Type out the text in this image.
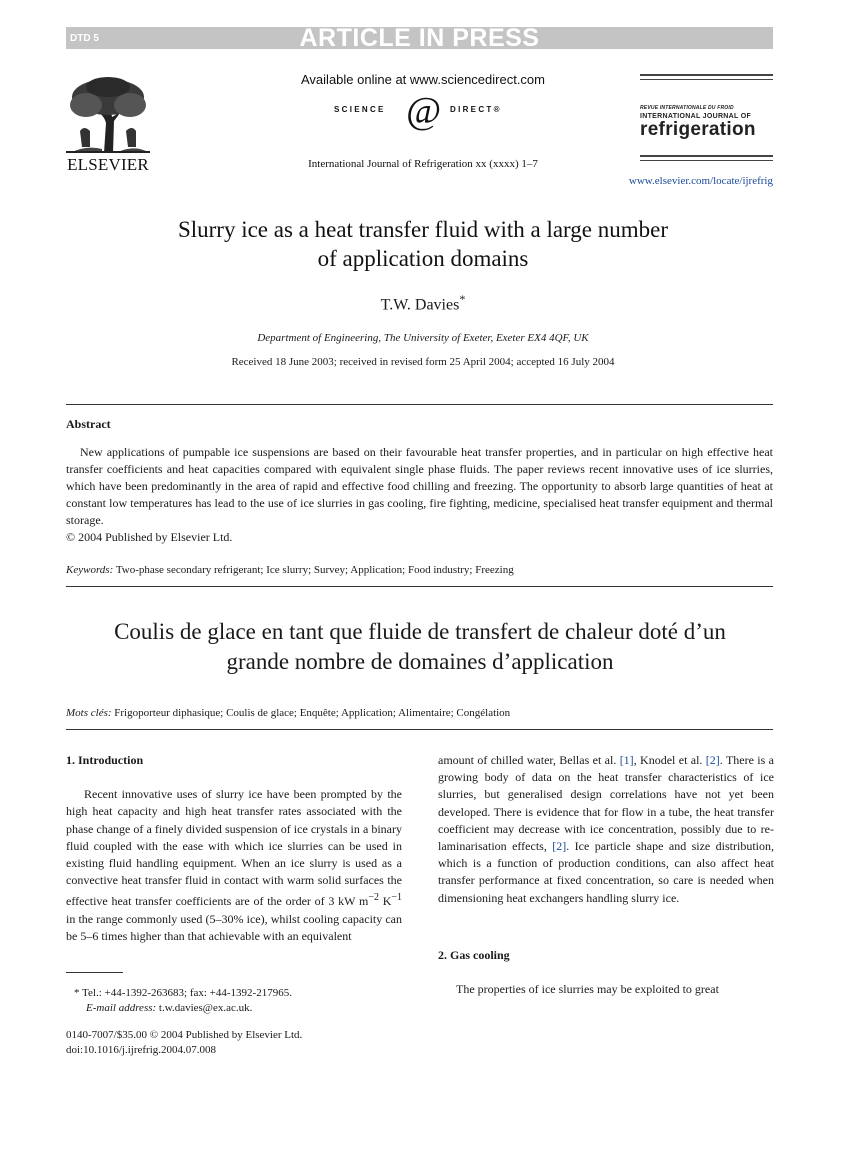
DTD 5	ARTICLE IN PRESS
ELSEVIER
Available online at www.sciencedirect.com
SCIENCE @ DIRECT®
International Journal of Refrigeration xx (xxxx) 1–7
REVUE INTERNATIONALE DU FROID
INTERNATIONAL JOURNAL OF
refrigeration
www.elsevier.com/locate/ijrefrig
Slurry ice as a heat transfer fluid with a large number
of application domains
T.W. Davies*
Department of Engineering, The University of Exeter, Exeter EX4 4QF, UK
Received 18 June 2003; received in revised form 25 April 2004; accepted 16 July 2004
Abstract

New applications of pumpable ice suspensions are based on their favourable heat transfer properties, and in particular on high effective heat transfer coefficients and heat capacities compared with equivalent single phase fluids. The paper reviews recent innovative uses of ice slurries, which have been predominantly in the area of rapid and effective food chilling and freezing. The opportunity to absorb large quantities of heat at constant low temperatures has lead to the use of ice slurries in gas cooling, fire fighting, medicine, specialised heat transfer equipment and thermal storage.

© 2004 Published by Elsevier Ltd.
Keywords: Two-phase secondary refrigerant; Ice slurry; Survey; Application; Food industry; Freezing
Coulis de glace en tant que fluide de transfert de chaleur doté d’un
grande nombre de domaines d’application
Mots clés: Frigoporteur diphasique; Coulis de glace; Enquête; Application; Alimentaire; Congélation
1. Introduction

Recent innovative uses of slurry ice have been prompted by the high heat capacity and high heat transfer rates associated with the phase change of a finely divided suspension of ice crystals in a binary fluid coupled with the ease with which ice slurries can be used in existing fluid handling equipment. When an ice slurry is used as a convective heat transfer fluid in contact with warm solid surfaces the effective heat transfer coefficients are of the order of 3 kW $m^{-2}$ $K^{-1}$ in the range commonly used (5–30% ice), whilst cooling capacity can be 5–6 times higher than that achievable with an equivalent

amount of chilled water, Bellas et al. [1], Knodel et al. [2]. There is a growing body of data on the heat transfer characteristics of ice slurries, but generalised design correlations have not yet been developed. There is evidence that for flow in a tube, the heat transfer coefficient may decrease with ice concentration, possibly due to re-laminarisation effects, [2]. Ice particle shape and size distribution, which is a function of production conditions, can also affect heat transfer performance at fixed concentration, so care is needed when dimensioning heat exchangers handling slurry ice.

2. Gas cooling

The properties of ice slurries may be exploited to great

* Tel.: +44-1392-263683; fax: +44-1392-217965.
E-mail address: t.w.davies@ex.ac.uk.
0140-7007/$35.00 © 2004 Published by Elsevier Ltd.
doi:10.1016/j.ijrefrig.2004.07.008
